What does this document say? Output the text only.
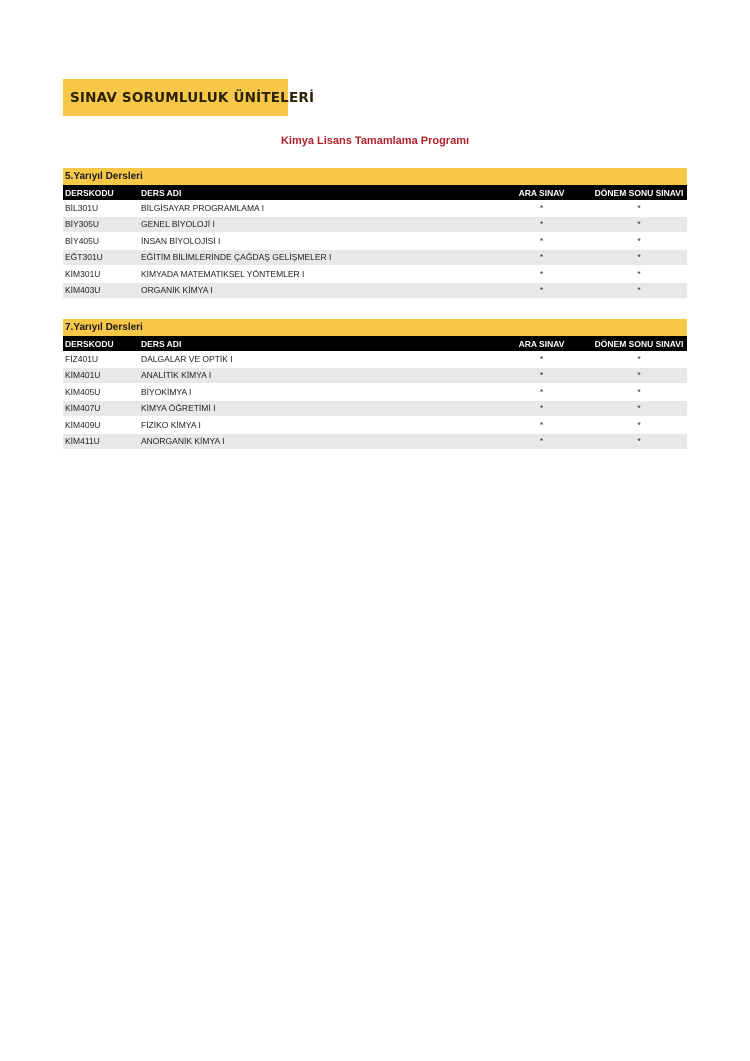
SINAV SORUMLULUK ÜNİTELERİ
Kimya Lisans Tamamlama Programı
5.Yarıyıl Dersleri
DERSKODU	DERS ADI	ARA SINAV	DÖNEM SONU SINAVI
BİL301U	BİLGİSAYAR PROGRAMLAMA I	*	*
BİY305U	GENEL BİYOLOJİ I	*	*
BİY405U	İNSAN BİYOLOJİSİ I	*	*
EĞT301U	EĞİTİM BİLİMLERİNDE ÇAĞDAŞ GELİŞMELER I	*	*
KİM301U	KİMYADA MATEMATİKSEL YÖNTEMLER I	*	*
KİM403U	ORGANİK KİMYA I	*	*
7.Yarıyıl Dersleri
DERSKODU	DERS ADI	ARA SINAV	DÖNEM SONU SINAVI
FİZ401U	DALGALAR VE OPTİK I	*	*
KİM401U	ANALİTİK KİMYA I	*	*
KİM405U	BİYOKİMYA I	*	*
KİM407U	KİMYA ÖĞRETİMİ I	*	*
KİM409U	FİZİKO KİMYA I	*	*
KİM411U	ANORGANİK KİMYA I	*	*
